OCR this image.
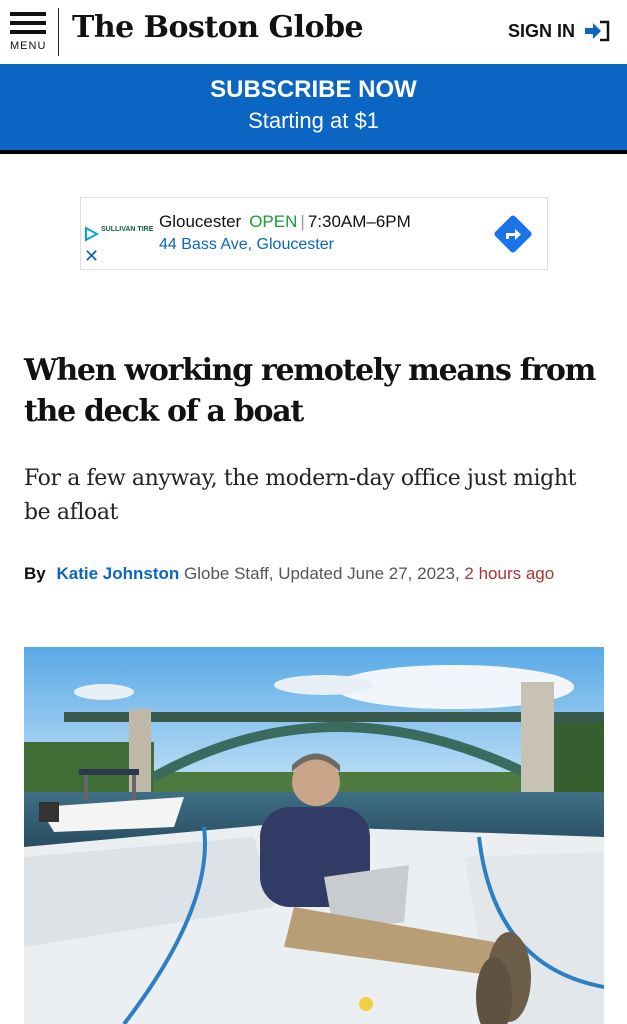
MENU
The Boston Globe	SIGN IN
SUBSCRIBE NOW
Starting at $1
✕
SULLIVAN TIRE Gloucester OPEN | 7:30AM–6PM
44 Bass Ave, Gloucester
When working remotely means from the deck of a boat
For a few anyway, the modern-day office just might be afloat
By Katie Johnston Globe Staff, Updated June 27, 2023, 2 hours ago
